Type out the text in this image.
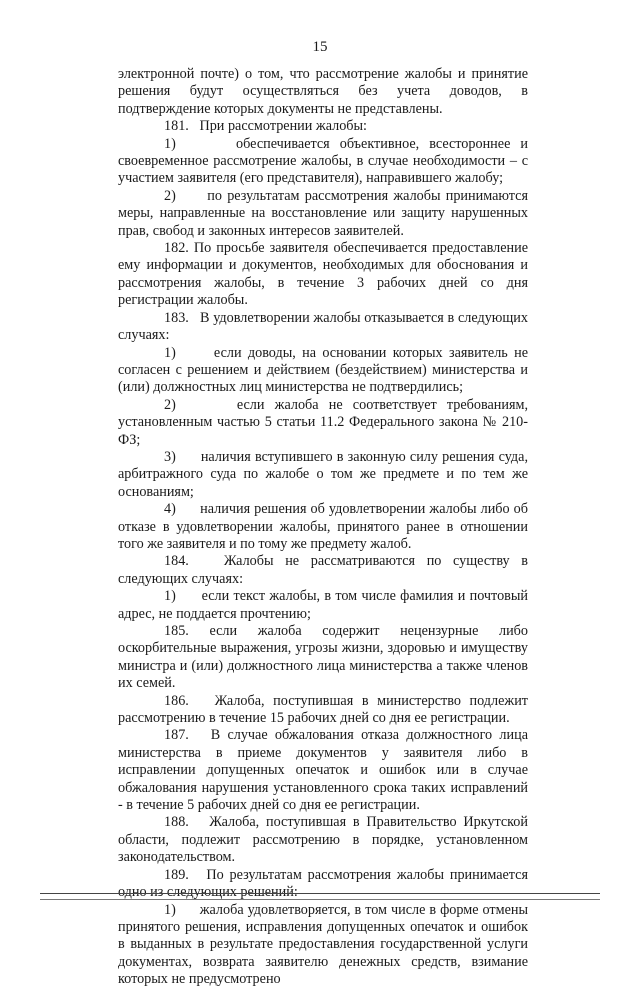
15

электронной почте) о том, что рассмотрение жалобы и принятие решения будут осуществляться без учета доводов, в подтверждение которых документы не представлены.

181.   При рассмотрении жалобы:

1)      обеспечивается объективное, всестороннее и своевременное рассмотрение жалобы, в случае необходимости – с участием заявителя (его представителя), направившего жалобу;

2)      по результатам рассмотрения жалобы принимаются меры, направленные на восстановление или защиту нарушенных прав, свобод и законных интересов заявителей.

182. По просьбе заявителя обеспечивается предоставление ему информации и документов, необходимых для обоснования и рассмотрения жалобы, в течение 3 рабочих дней со дня регистрации жалобы.

183.   В удовлетворении жалобы отказывается в следующих случаях:

1)      если доводы, на основании которых заявитель не согласен с решением и действием (бездействием) министерства и (или) должностных лиц министерства не подтвердились;

2)      если жалоба не соответствует требованиям, установленным частью 5 статьи 11.2 Федерального закона № 210-ФЗ;

3)      наличия вступившего в законную силу решения суда, арбитражного суда по жалобе о том же предмете и по тем же основаниям;

4)      наличия решения об удовлетворении жалобы либо об отказе в удовлетворении жалобы, принятого ранее в отношении того же заявителя и по тому же предмету жалоб.

184.   Жалобы не рассматриваются по существу в следующих случаях:

1)      если текст жалобы, в том числе фамилия и почтовый адрес, не поддается прочтению;

185. если жалоба содержит нецензурные либо оскорбительные выражения, угрозы жизни, здоровью и имуществу министра и (или) должностного лица министерства а также членов их семей.

186.   Жалоба, поступившая в министерство подлежит рассмотрению в течение 15 рабочих дней со дня ее регистрации.

187.   В случае обжалования отказа должностного лица министерства в приеме документов у заявителя либо в исправлении допущенных опечаток и ошибок или в случае обжалования нарушения установленного срока таких исправлений - в течение 5 рабочих дней со дня ее регистрации.

188.   Жалоба, поступившая в Правительство Иркутской области, подлежит рассмотрению в порядке, установленном законодательством.

189.   По результатам рассмотрения жалобы принимается одно из следующих решений:

1)      жалоба удовлетворяется, в том числе в форме отмены принятого решения, исправления допущенных опечаток и ошибок в выданных в результате предоставления государственной услуги документах, возврата заявителю денежных средств, взимание которых не предусмотрено
